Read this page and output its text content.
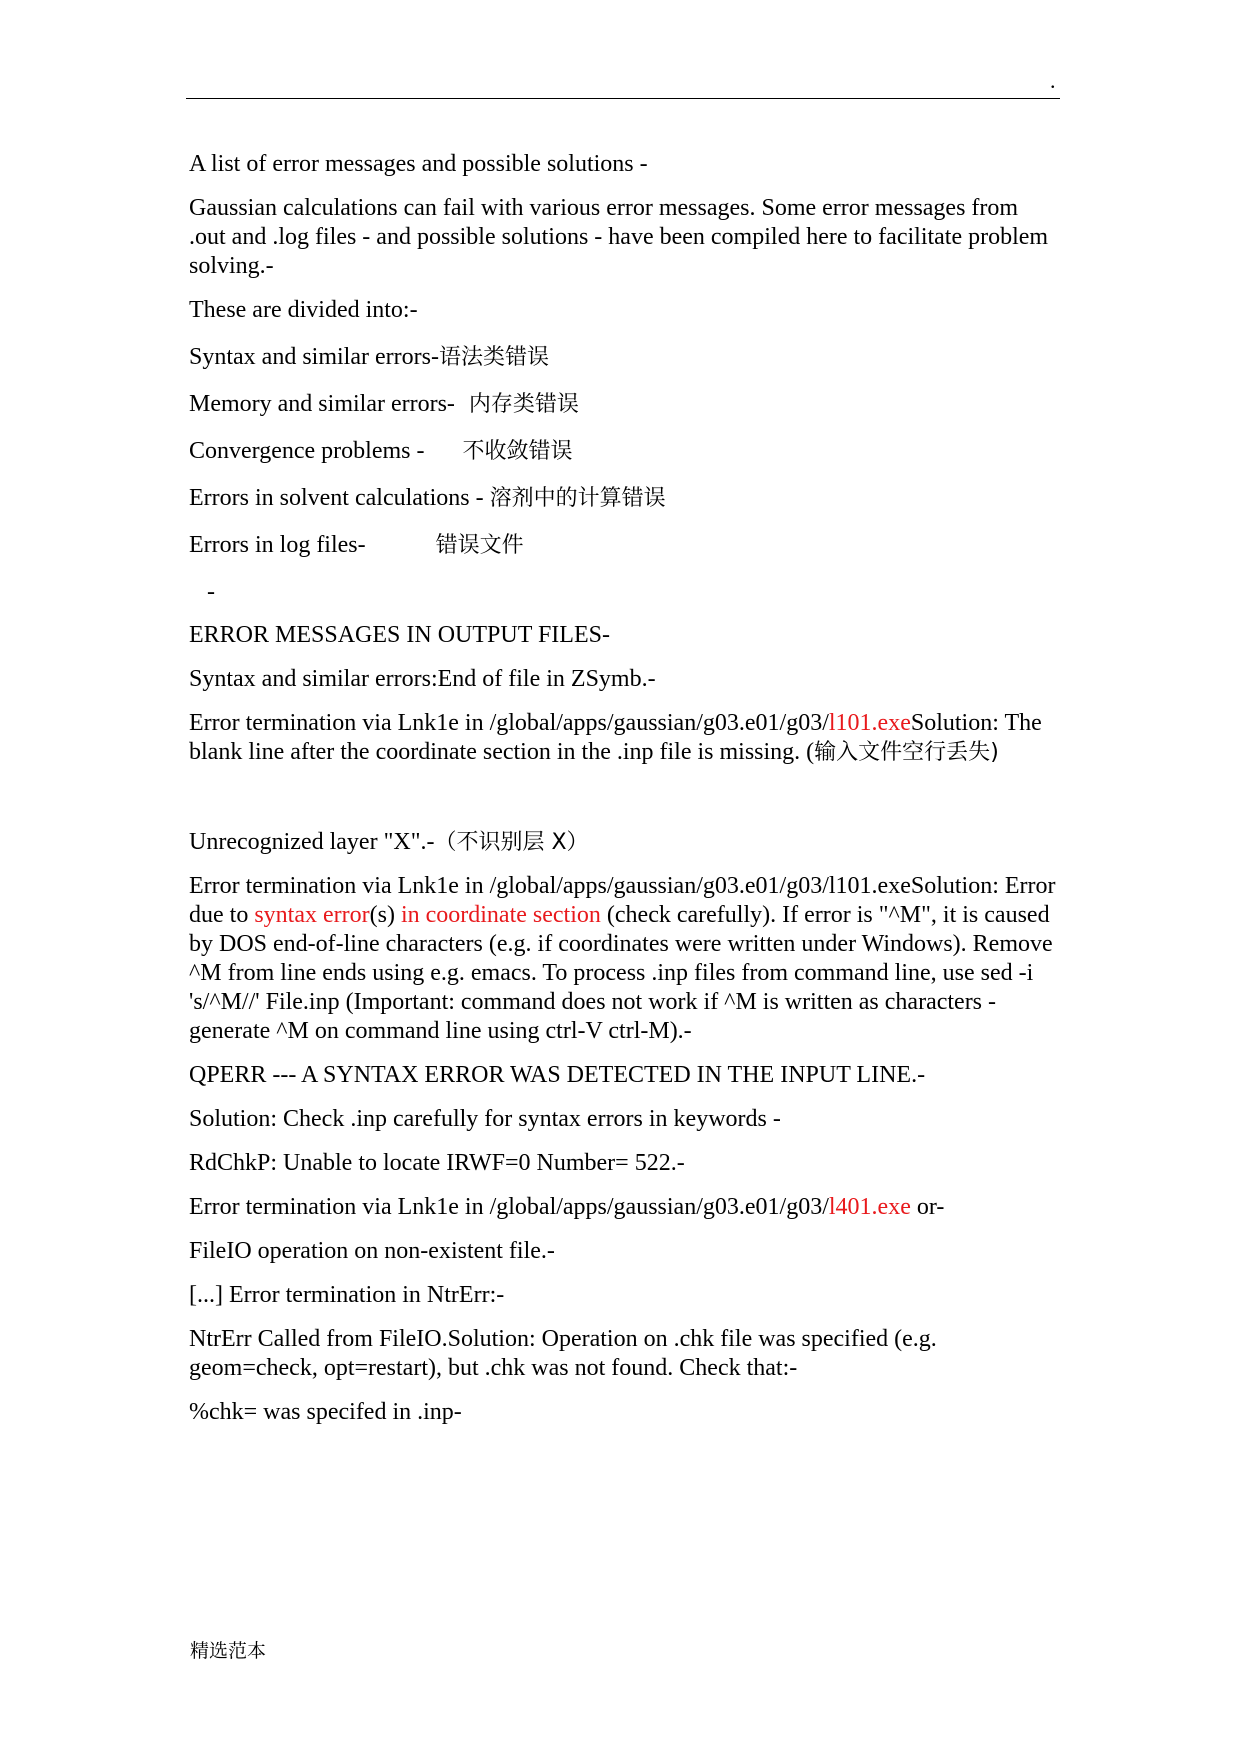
.

A list of error messages and possible solutions -

Gaussian calculations can fail with various error messages. Some error messages from .out and .log files - and possible solutions - have been compiled here to facilitate problem solving.-

These are divided into:-

Syntax and similar errors-语法类错误

Memory and similar errors- 内存类错误

Convergence problems - 不收敛错误

Errors in solvent calculations - 溶剂中的计算错误

Errors in log files-	错误文件

-

ERROR MESSAGES IN OUTPUT FILES-

Syntax and similar errors:End of file in ZSymb.-

Error termination via Lnk1e in /global/apps/gaussian/g03.e01/g03/l101.exeSolution: The blank line after the coordinate section in the .inp file is missing. (输入文件空行丢失)

Unrecognized layer "X".-（不识别层 X）

Error termination via Lnk1e in /global/apps/gaussian/g03.e01/g03/l101.exeSolution: Error due to syntax error(s) in coordinate section (check carefully). If error is "^M", it is caused by DOS end-of-line characters (e.g. if coordinates were written under Windows). Remove ^M from line ends using e.g. emacs. To process .inp files from command line, use sed -i 's/^M//' File.inp (Important: command does not work if ^M is written as characters - generate ^M on command line using ctrl-V ctrl-M).-

QPERR --- A SYNTAX ERROR WAS DETECTED IN THE INPUT LINE.-

Solution: Check .inp carefully for syntax errors in keywords -

RdChkP: Unable to locate IRWF=0 Number= 522.-

Error termination via Lnk1e in /global/apps/gaussian/g03.e01/g03/l401.exe or-

FileIO operation on non-existent file.-

[...] Error termination in NtrErr:-

NtrErr Called from FileIO.Solution: Operation on .chk file was specified (e.g. geom=check, opt=restart), but .chk was not found. Check that:-

%chk= was specifed in .inp-

精选范本
